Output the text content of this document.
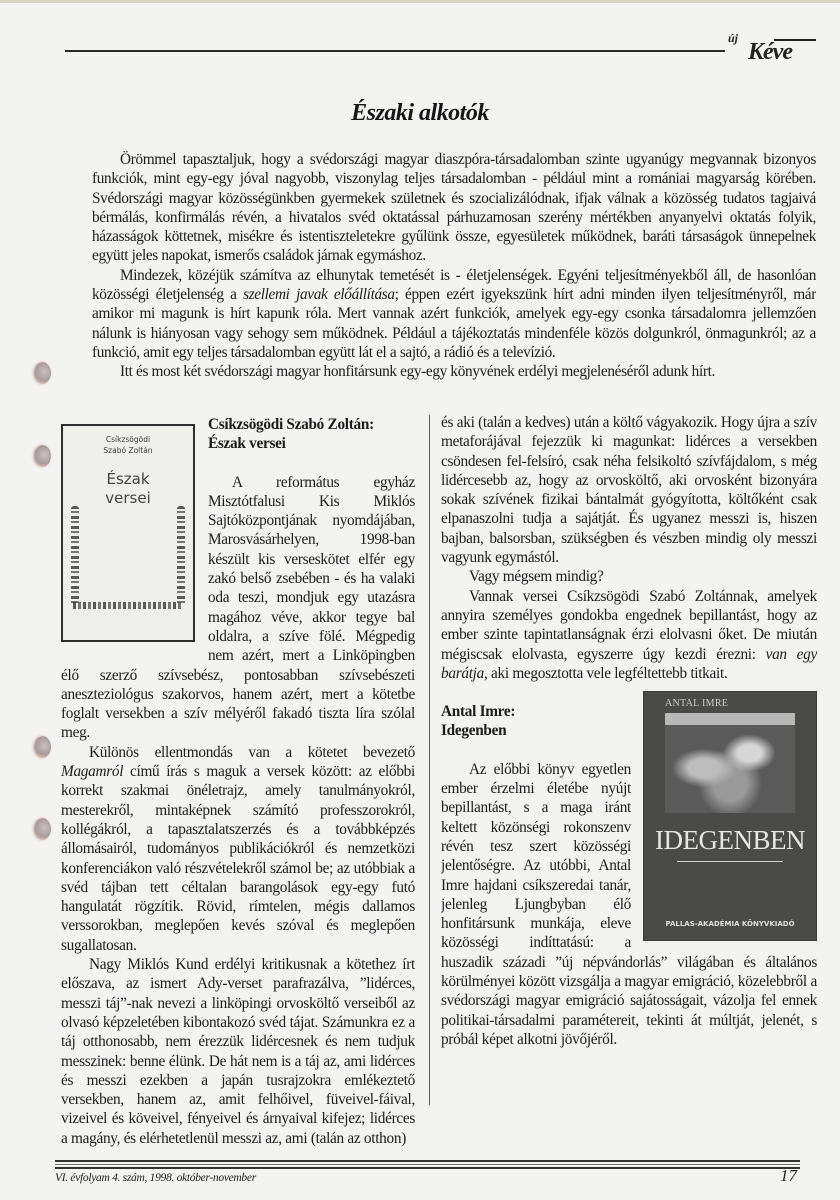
új
Kéve
Északi alkotók

Örömmel tapasztaljuk, hogy a svédországi magyar diaszpóra-társadalomban szinte ugyanúgy megvannak bizonyos funkciók, mint egy-egy jóval nagyobb, viszonylag teljes társadalomban - például mint a romániai magyarság körében. Svédországi magyar közösségünkben gyermekek születnek és szocializálódnak, ifjak válnak a közösség tudatos tagjaivá bérmálás, konfirmálás révén, a hivatalos svéd oktatással párhuzamosan szerény mértékben anyanyelvi oktatás folyik, házasságok köttetnek, misékre és istentiszteletekre gyűlünk össze, egyesületek működnek, baráti társaságok ünnepelnek együtt jeles napokat, ismerős családok járnak egymáshoz.

Mindezek, közéjük számítva az elhunytak temetését is - életjelenségek. Egyéni teljesítményekből áll, de hasonlóan közösségi életjelenség a szellemi javak előállítása; éppen ezért igyekszünk hírt adni minden ilyen teljesítményről, már amikor mi magunk is hírt kapunk róla. Mert vannak azért funkciók, amelyek egy-egy csonka társadalomra jellemzően nálunk is hiányosan vagy sehogy sem működnek. Például a tájékoztatás mindenféle közös dolgunkról, önmagunkról; az a funkció, amit egy teljes társadalomban együtt lát el a sajtó, a rádió és a televízió.

Itt és most két svédországi magyar honfitársunk egy-egy könyvének erdélyi megjelenéséről adunk hírt.

Csíkzsögödi
Szabó Zoltán
Észak
versei

Csíkzsögödi Szabó Zoltán:
Észak versei

A református egyház Misztótfalusi Kis Miklós Sajtóközpontjának nyomdájában, Marosvásárhelyen, 1998-ban készült kis verseskötet elfér egy zakó belső zsebében - és ha valaki oda teszi, mondjuk egy utazásra magához véve, akkor tegye bal oldalra, a szíve fölé. Mégpedig nem azért, mert a Linköpingben élő szerző szívsebész, pontosabban szívsebészeti aneszteziológus szakorvos, hanem azért, mert a kötetbe foglalt versekben a szív mélyéről fakadó tiszta líra szólal meg.

Különös ellentmondás van a kötetet bevezető Magamról című írás s maguk a versek között: az előbbi korrekt szakmai önéletrajz, amely tanulmányokról, mesterekről, mintaképnek számító professzorokról, kollégákról, a tapasztalatszerzés és a továbbképzés állomásairól, tudományos publikációkról és nemzetközi konferenciákon való részvételekről számol be; az utóbbiak a svéd tájban tett céltalan barangolások egy-egy futó hangulatát rögzítik. Rövid, rímtelen, mégis dallamos verssorokban, meglepően kevés szóval és meglepően sugallatosan.

Nagy Miklós Kund erdélyi kritikusnak a kötethez írt előszava, az ismert Ady-verset parafrazálva, ”lidérces, messzi táj”-nak nevezi a linköpingi orvosköltő verseiből az olvasó képzeletében kibontakozó svéd tájat. Számunkra ez a táj otthonosabb, nem érezzük lidércesnek és nem tudjuk messzinek: benne élünk. De hát nem is a táj az, ami lidérces és messzi ezekben a japán tusrajzokra emlékeztető versekben, hanem az, amit felhőivel, füveivel-fáival, vizeivel és köveivel, fényeivel és árnyaival kifejez; lidérces a magány, és elérhetetlenül messzi az, ami (talán az otthon)

és aki (talán a kedves) után a költő vágyakozik. Hogy újra a szív metaforájával fejezzük ki magunkat: lidérces a versekben csöndesen fel-felsíró, csak néha felsikoltó szívfájdalom, s még lidércesebb az, hogy az orvosköltő, aki orvosként bizonyára sokak szívének fizikai bántalmát gyógyította, költőként csak elpanaszolni tudja a sajátját. És ugyanez messzi is, hiszen bajban, balsorsban, szükségben és vészben mindig oly messzi vagyunk egymástól.

Vagy mégsem mindig?

Vannak versei Csíkzsögödi Szabó Zoltánnak, amelyek annyira személyes gondokba engednek bepillantást, hogy az ember szinte tapintatlanságnak érzi elolvasni őket. De miután mégiscsak elolvasta, egyszerre úgy kezdi érezni: van egy barátja, aki megosztotta vele legféltettebb titkait.

ANTAL IMRE
IDEGENBEN
PALLAS-AKADÉMIA KÖNYVKIADÓ

Antal Imre:
Idegenben

Az előbbi könyv egyetlen ember érzelmi életébe nyújt bepillantást, s a maga iránt keltett közönségi rokonszenv révén tesz szert közösségi jelentőségre. Az utóbbi, Antal Imre hajdani csíkszeredai tanár, jelenleg Ljungbyban élő honfitársunk munkája, eleve közösségi indíttatású: a huszadik századi ”új népvándorlás” világában és általános körülményei között vizsgálja a magyar emigráció, közelebbről a svédországi magyar emigráció sajátosságait, vázolja fel ennek politikai-társadalmi paramétereit, tekinti át múltját, jelenét, s próbál képet alkotni jövőjéről.

VI. évfolyam 4. szám, 1998. október-november	17
